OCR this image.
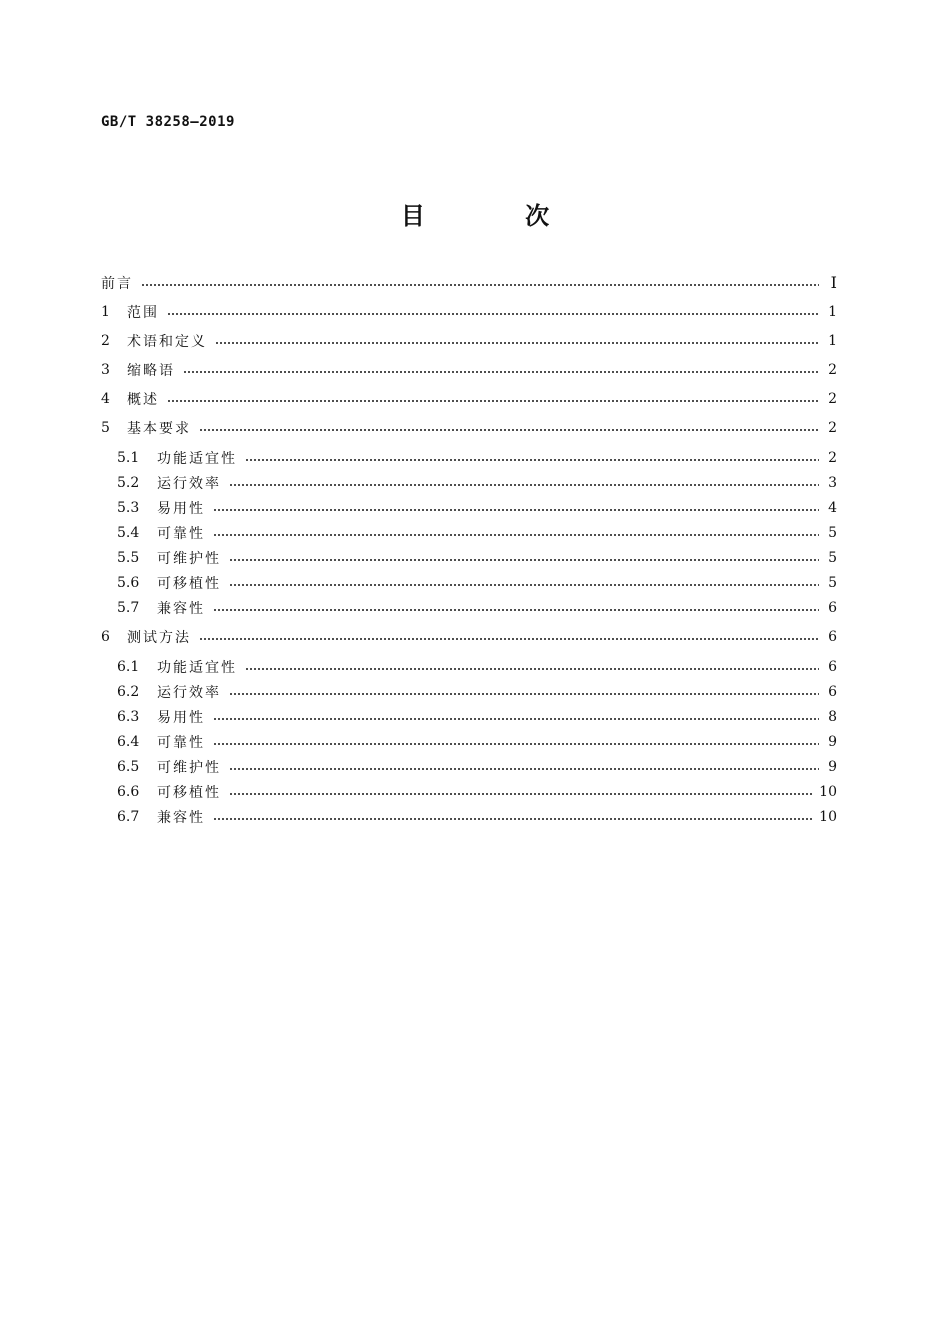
GB/T 38258—2019
目 次
前言	Ⅰ
1	范围	1
2	术语和定义	1
3	缩略语	2
4	概述	2
5	基本要求	2
5.1	功能适宜性	2
5.2	运行效率	3
5.3	易用性	4
5.4	可靠性	5
5.5	可维护性	5
5.6	可移植性	5
5.7	兼容性	6
6	测试方法	6
6.1	功能适宜性	6
6.2	运行效率	6
6.3	易用性	8
6.4	可靠性	9
6.5	可维护性	9
6.6	可移植性	10
6.7	兼容性	10
